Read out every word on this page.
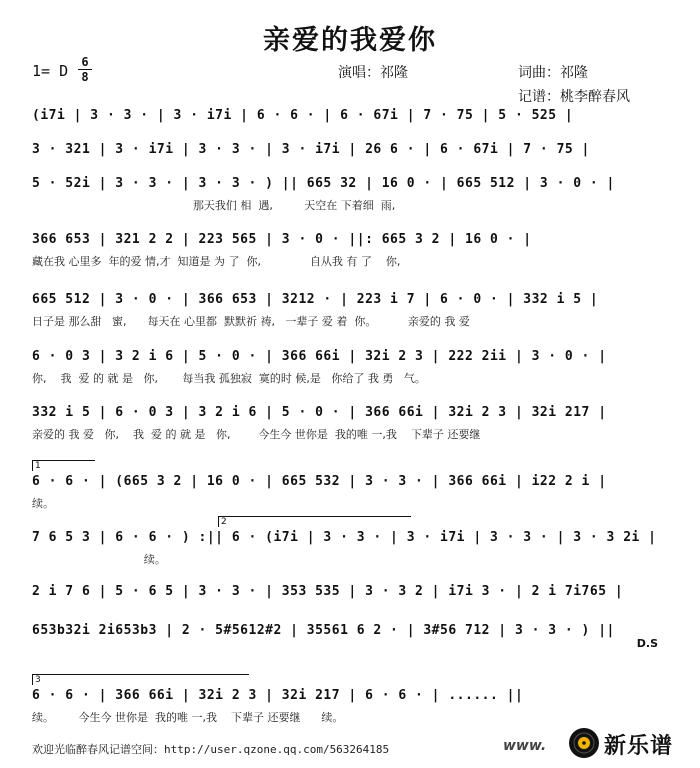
亲爱的我爱你
1= D 6
8	演唱：祁隆	词曲：祁隆
记谱：桃李醉春风
(i7i | 3 · 3 · | 3 · i7i | 6 · 6 · | 6 · 67i | 7 · 75 | 5 · 525 |
3 · 321 | 3 · i7i | 3 · 3 · | 3 · i7i | 26 6 · | 6 · 67i | 7 · 75 |
5 · 52i | 3 · 3 · | 3 · 3 · ) || 665 32 | 16 0 · | 665 512 | 3 · 0 · |
那天我们 相  遇,         天空在 下着细  雨,
366 653 | 321 2 2 | 223 565 | 3 · 0 · ||: 665 3 2 | 16 0 · |
藏在我 心里多  年的爱 情,才  知道是 为 了  你,              自从我 有 了    你,
665 512 | 3 · 0 · | 366 653 | 3212 · | 223 i 7 | 6 · 0 · | 332 i 5 |
日子是 那么甜   蜜,      每天在 心里都  默默祈 祷,   一辈子 爱 着  你。         亲爱的 我 爱
6 · 0 3 | 3 2 i 6 | 5 · 0 · | 366 66i | 32i 2 3 | 222 2ii | 3 · 0 · |
你,    我  爱 的 就 是   你,       每当我 孤独寂  寞的时 候,是   你给了 我 勇   气。
332 i 5 | 6 · 0 3 | 3 2 i 6 | 5 · 0 · | 366 66i | 32i 2 3 | 32i 217 |
亲爱的 我 爱   你,    我  爱 的 就 是   你,        今生今 世你是  我的唯 一,我    下辈子 还要继
1
6 · 6 · | (665 3 2 | 16 0 · | 665 532 | 3 · 3 · | 366 66i | i22 2 i |
续。
2
7 6 5 3 | 6 · 6 · ) :|| 6 · (i7i | 3 · 3 · | 3 · i7i | 3 · 3 · | 3 · 3 2i |
续。
2 i 7 6 | 5 · 6 5 | 3 · 3 · | 353 535 | 3 · 3 2 | i7i 3 · | 2 i 7i765 |
653b32i 2i653b3 | 2 · 5#5612#2 | 35561 6 2 · | 3#56 712 | 3 · 3 · ) ||
D.S
3
6 · 6 · | 366 66i | 32i 2 3 | 32i 217 | 6 · 6 · | ...... ||
续。       今生今 世你是  我的唯 一,我    下辈子 还要继      续。
欢迎光临醉春风记谱空间：http://user.qzone.qq.com/563264185	www.	新乐谱
